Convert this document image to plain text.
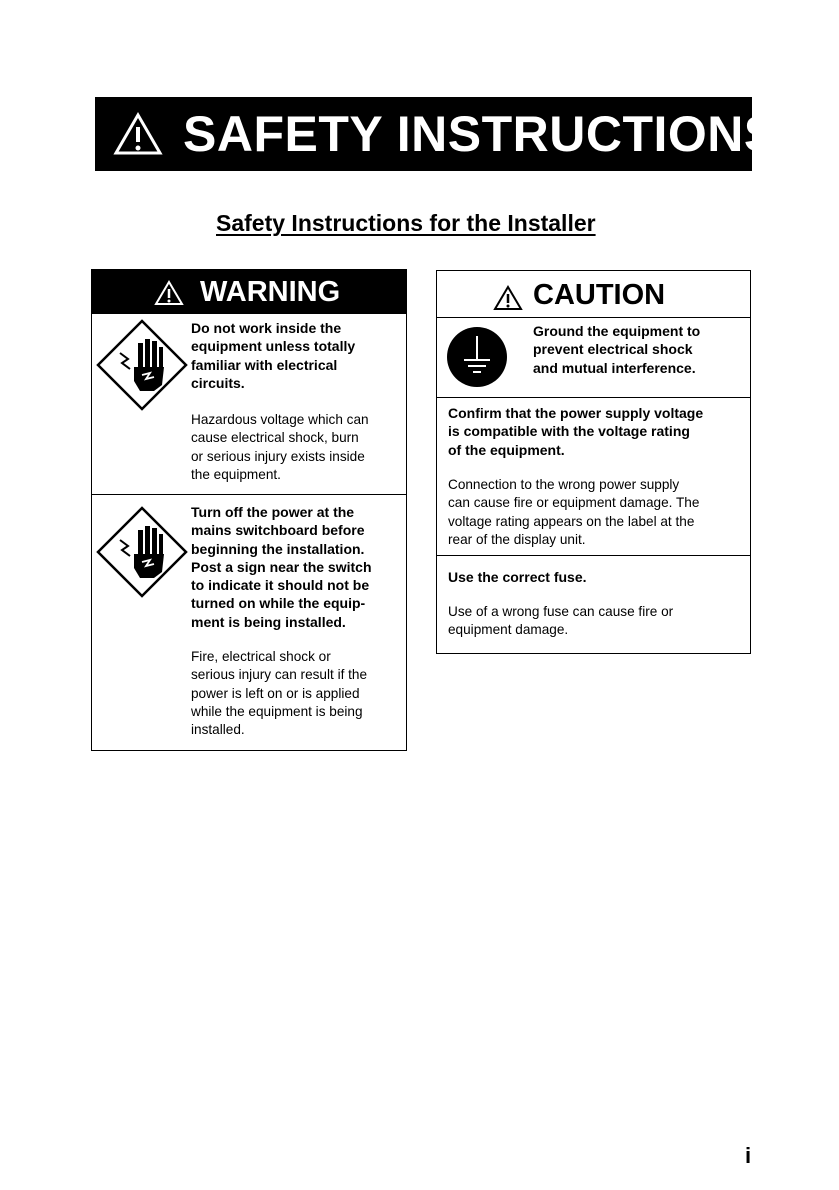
SAFETY INSTRUCTIONS
Safety Instructions for the Installer
WARNING
Do not work inside the
equipment unless totally
familiar with electrical
circuits.
Hazardous voltage which can
cause electrical shock, burn
or serious injury exists inside
the equipment.
Turn off the power at the
mains switchboard before
beginning the installation.
Post a sign near the switch
to indicate it should not be
turned on while the equip-
ment is being installed.
Fire, electrical shock or
serious injury can result if the
power is left on or is applied
while the equipment is being
installed.
CAUTION
Ground the equipment to
prevent electrical shock
and mutual interference.
Confirm that the power supply voltage
is compatible with the voltage rating
of the equipment.
Connection to the wrong power supply
can cause fire or equipment damage. The
voltage rating appears on the label at the
rear of the display unit.
Use the correct fuse.
Use of a wrong fuse can cause fire or
equipment damage.
i
